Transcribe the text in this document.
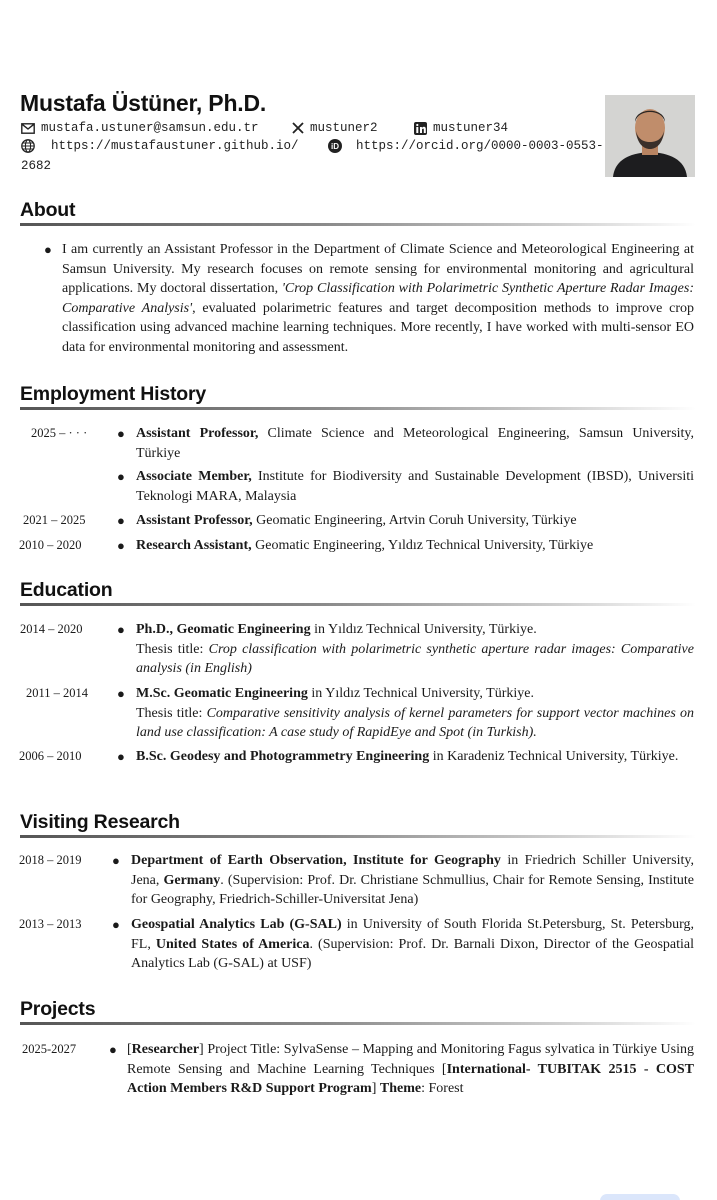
Mustafa Üstüner, Ph.D.
mustafa.ustuner@samsun.edu.tr	mustuner2	mustuner34
https://mustafaustuner.github.io/	iD https://orcid.org/0000-0003-0553-
2682
About
● I am currently an Assistant Professor in the Department of Climate Science and Meteorological Engineering at Samsun University. My research focuses on remote sensing for environmental monitoring and agricultural applications. My doctoral dissertation, 'Crop Classification with Polarimetric Synthetic Aperture Radar Images: Comparative Analysis', evaluated polarimetric features and target decomposition methods to improve crop classification using advanced machine learning techniques. More recently, I have worked with multi-sensor EO data for environmental monitoring and assessment.
Employment History
2025 – · · · ● Assistant Professor, Climate Science and Meteorological Engineering, Samsun University, Türkiye
● Associate Member, Institute for Biodiversity and Sustainable Development (IBSD), Universiti Teknologi MARA, Malaysia
2021 – 2025 ● Assistant Professor, Geomatic Engineering, Artvin Coruh University, Türkiye
2010 – 2020	● Research Assistant, Geomatic Engineering, Yıldız Technical University, Türkiye
Education
2014 – 2020	● Ph.D., Geomatic Engineering in Yıldız Technical University, Türkiye.
Thesis title: Crop classification with polarimetric synthetic aperture radar images: Comparative analysis (in English)
2011 – 2014 ● M.Sc. Geomatic Engineering in Yıldız Technical University, Türkiye.
Thesis title: Comparative sensitivity analysis of kernel parameters for support vector machines on land use classification: A case study of RapidEye and Spot (in Turkish).
2006 – 2010	● B.Sc. Geodesy and Photogrammetry Engineering in Karadeniz Technical University, Türkiye.
Visiting Research
2018 – 2019 ● Department of Earth Observation, Institute for Geography in Friedrich Schiller University, Jena, Germany. (Supervision: Prof. Dr. Christiane Schmullius, Chair for Remote Sensing, Institute for Geography, Friedrich-Schiller-Universitat Jena)
2013 – 2013 ● Geospatial Analytics Lab (G-SAL) in University of South Florida St.Petersburg, St. Petersburg, FL, United States of America. (Supervision: Prof. Dr. Barnali Dixon, Director of the Geospatial Analytics Lab (G-SAL) at USF)
Projects
2025-2027	● [Researcher] Project Title: SylvaSense – Mapping and Monitoring Fagus sylvatica in Türkiye Using Remote Sensing and Machine Learning Techniques [International- TUBITAK 2515 - COST Action Members R&D Support Program] Theme: Forest
